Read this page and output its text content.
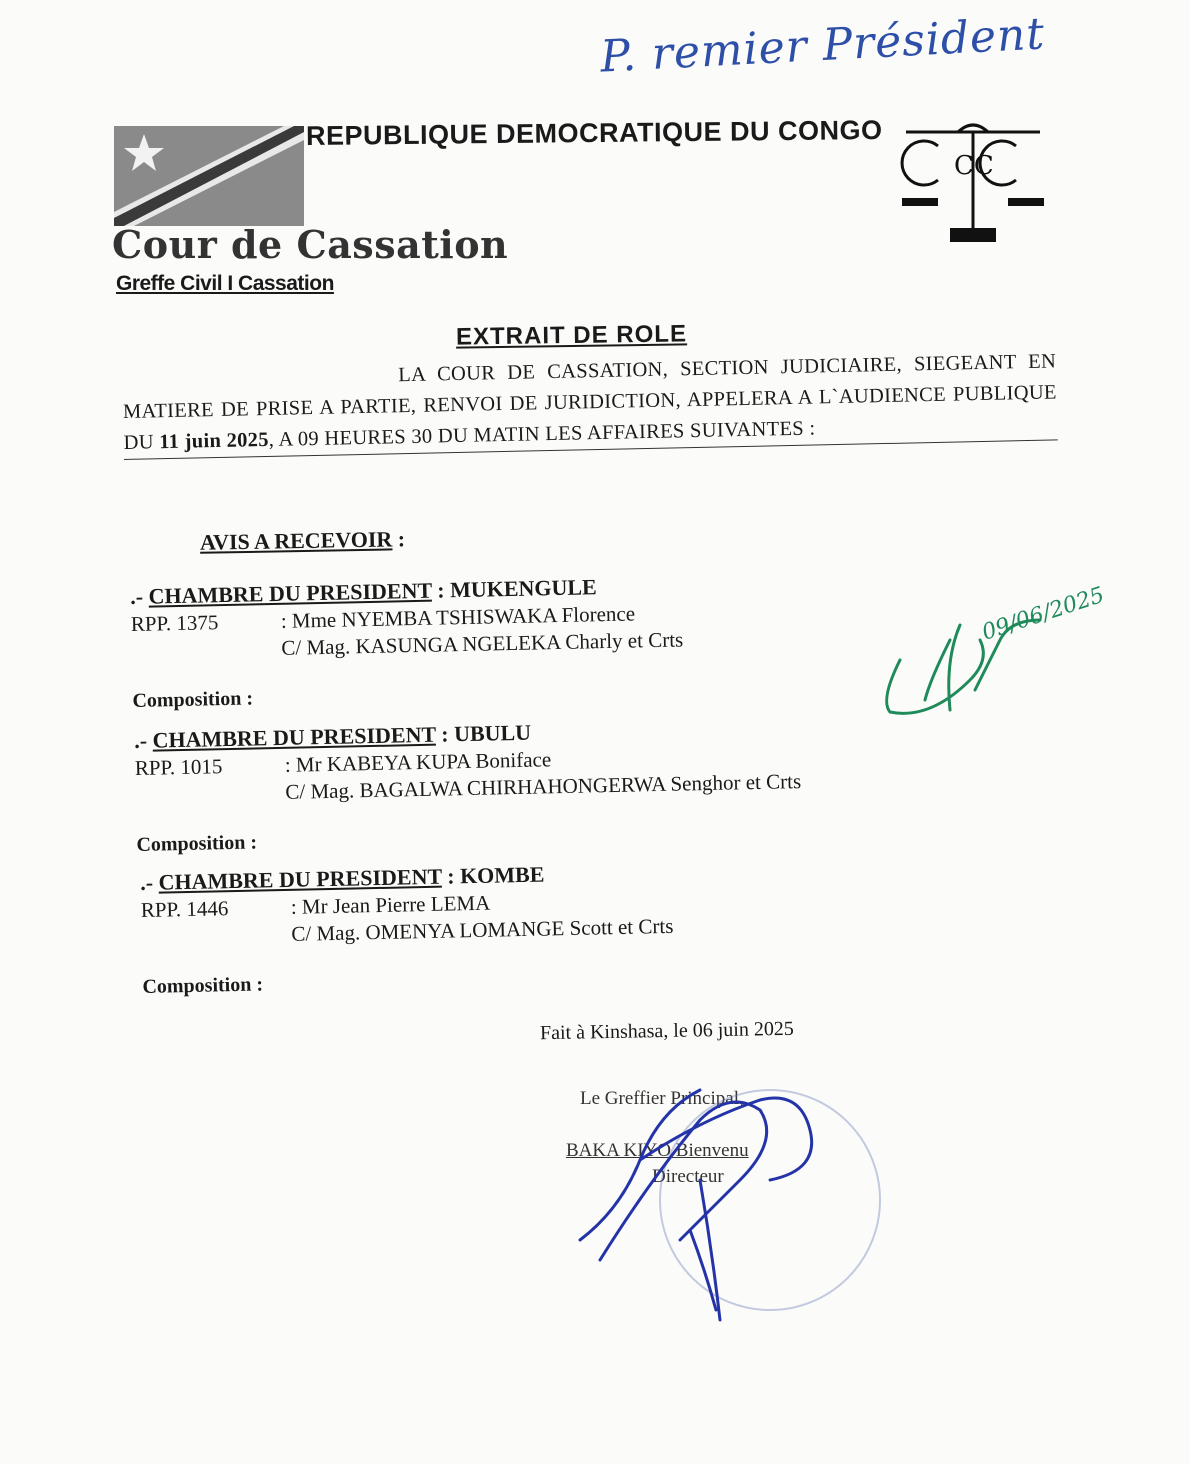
P. remier Président
REPUBLIQUE DEMOCRATIQUE DU CONGO
CC
Cour de Cassation
Greffe Civil I Cassation
EXTRAIT DE ROLE
LA COUR DE CASSATION, SECTION JUDICIAIRE, SIEGEANT EN MATIERE DE PRISE A PARTIE, RENVOI DE JURIDICTION, APPELERA A L`AUDIENCE PUBLIQUE DU 11 juin 2025, A 09 HEURES 30 DU MATIN LES AFFAIRES SUIVANTES :
AVIS A RECEVOIR :
.- CHAMBRE DU PRESIDENT : MUKENGULE
RPP. 1375	: Mme NYEMBA TSHISWAKA Florence
C/ Mag. KASUNGA NGELEKA Charly et Crts
Composition :
.- CHAMBRE DU PRESIDENT : UBULU
RPP. 1015	: Mr KABEYA KUPA Boniface
C/ Mag. BAGALWA CHIRHAHONGERWA Senghor et Crts
Composition :
.- CHAMBRE DU PRESIDENT : KOMBE
RPP. 1446	: Mr Jean Pierre LEMA
C/ Mag. OMENYA LOMANGE Scott et Crts
Composition :
Fait à Kinshasa, le 06 juin 2025
Le Greffier Principal,
BAKA KIYO Bienvenu
Directeur
09/06/2025
